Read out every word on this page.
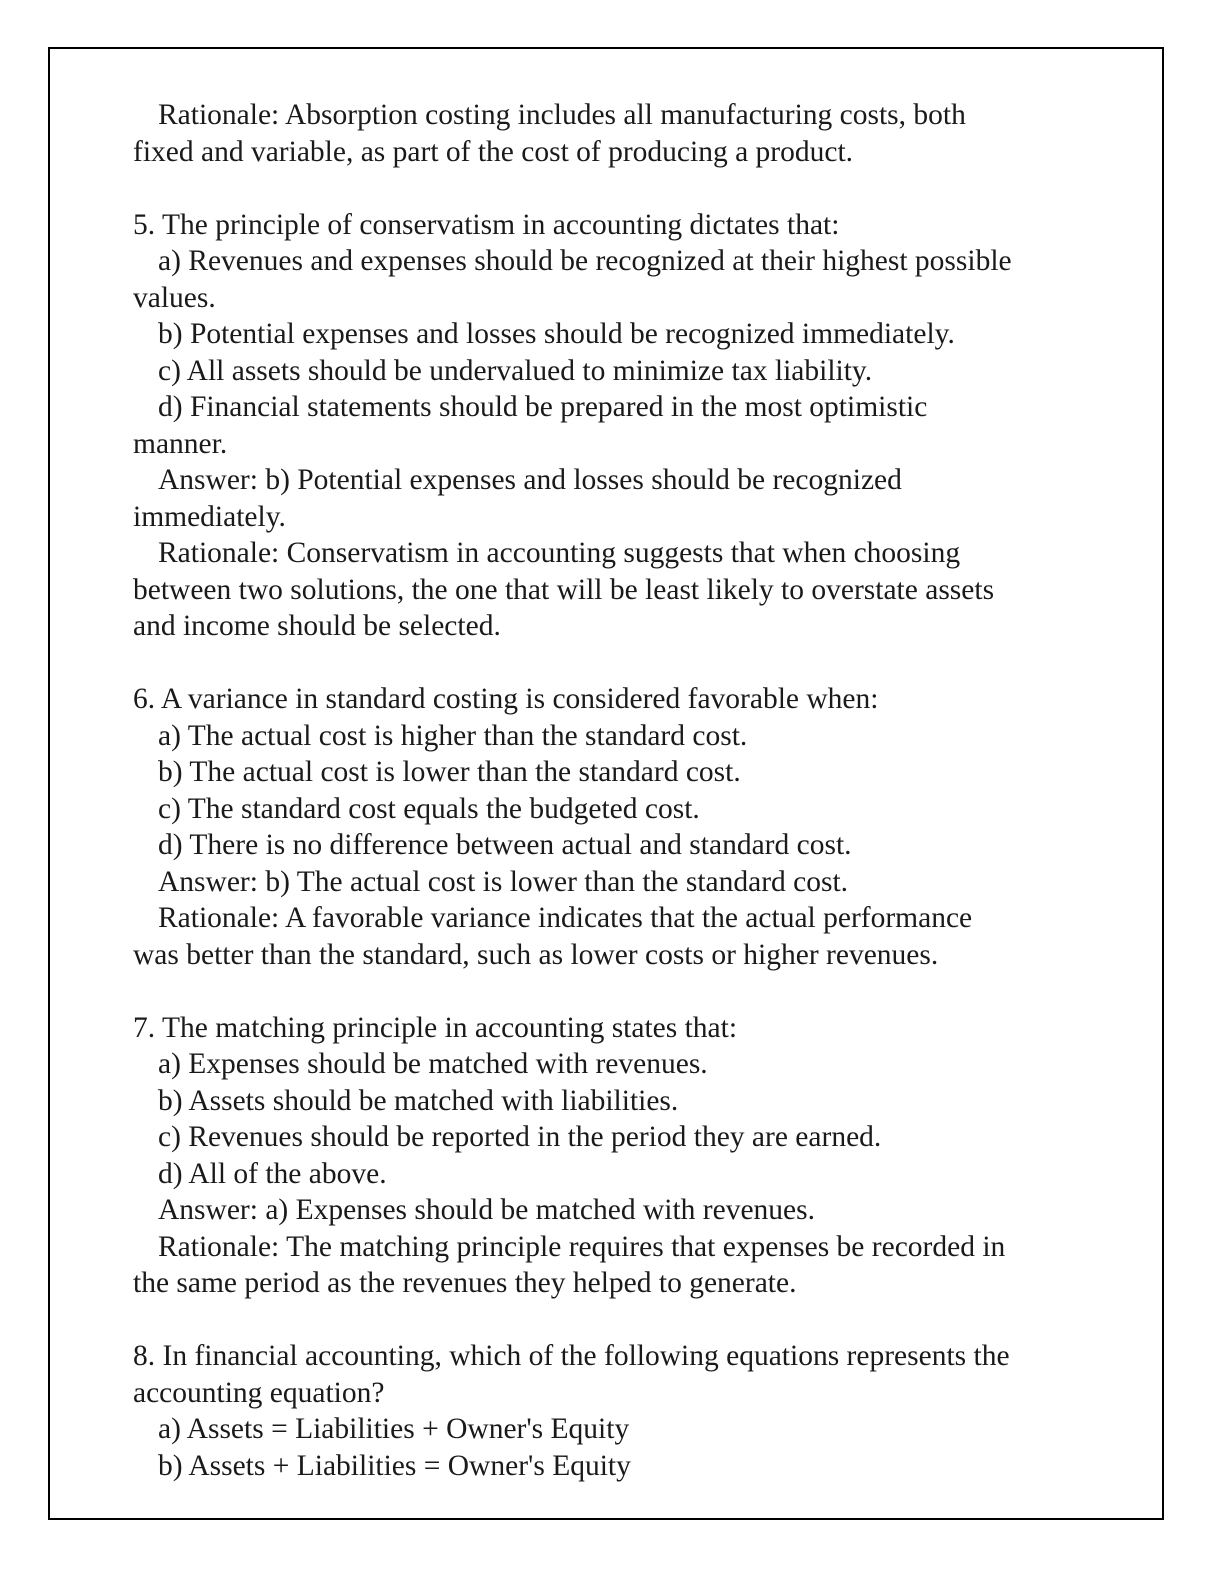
Rationale: Absorption costing includes all manufacturing costs, both
fixed and variable, as part of the cost of producing a product.
5. The principle of conservatism in accounting dictates that:
a) Revenues and expenses should be recognized at their highest possible
values.
b) Potential expenses and losses should be recognized immediately.
c) All assets should be undervalued to minimize tax liability.
d) Financial statements should be prepared in the most optimistic
manner.
Answer: b) Potential expenses and losses should be recognized
immediately.
Rationale: Conservatism in accounting suggests that when choosing
between two solutions, the one that will be least likely to overstate assets
and income should be selected.
6. A variance in standard costing is considered favorable when:
a) The actual cost is higher than the standard cost.
b) The actual cost is lower than the standard cost.
c) The standard cost equals the budgeted cost.
d) There is no difference between actual and standard cost.
Answer: b) The actual cost is lower than the standard cost.
Rationale: A favorable variance indicates that the actual performance
was better than the standard, such as lower costs or higher revenues.
7. The matching principle in accounting states that:
a) Expenses should be matched with revenues.
b) Assets should be matched with liabilities.
c) Revenues should be reported in the period they are earned.
d) All of the above.
Answer: a) Expenses should be matched with revenues.
Rationale: The matching principle requires that expenses be recorded in
the same period as the revenues they helped to generate.
8. In financial accounting, which of the following equations represents the
accounting equation?
a) Assets = Liabilities + Owner's Equity
b) Assets + Liabilities = Owner's Equity
